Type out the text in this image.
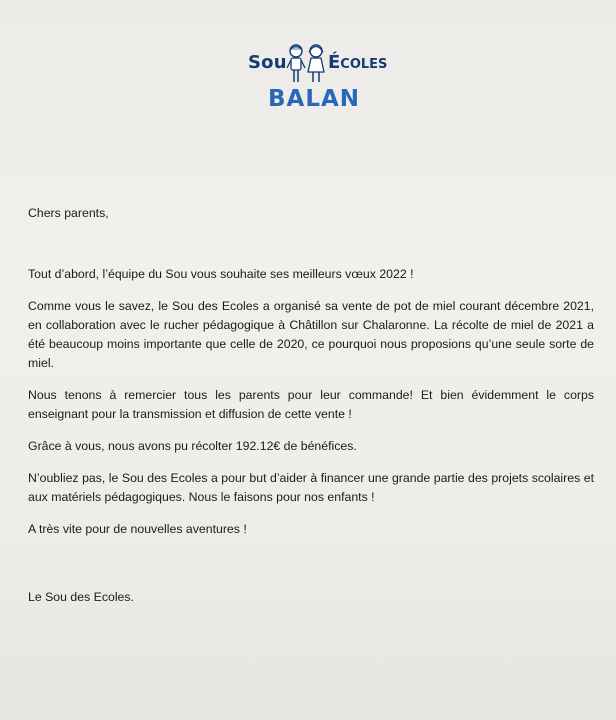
Sou ÉCOLES
BALAN

Chers parents,

Tout d’abord, l’équipe du Sou vous souhaite ses meilleurs vœux 2022 !

Comme vous le savez, le Sou des Ecoles a organisé sa vente de pot de miel courant décembre 2021, en collaboration avec le rucher pédagogique à Châtillon sur Chalaronne. La récolte de miel de 2021 a été beaucoup moins importante que celle de 2020, ce pourquoi nous proposions qu’une seule sorte de miel.

Nous tenons à remercier tous les parents pour leur commande! Et bien évidemment le corps enseignant pour la transmission et diffusion de cette vente !

Grâce à vous, nous avons pu récolter 192.12€ de bénéfices.

N’oubliez pas, le Sou des Ecoles a pour but d’aider à financer une grande partie des projets scolaires et aux matériels pédagogiques. Nous le faisons pour nos enfants !

A très vite pour de nouvelles aventures !

Le Sou des Ecoles.
